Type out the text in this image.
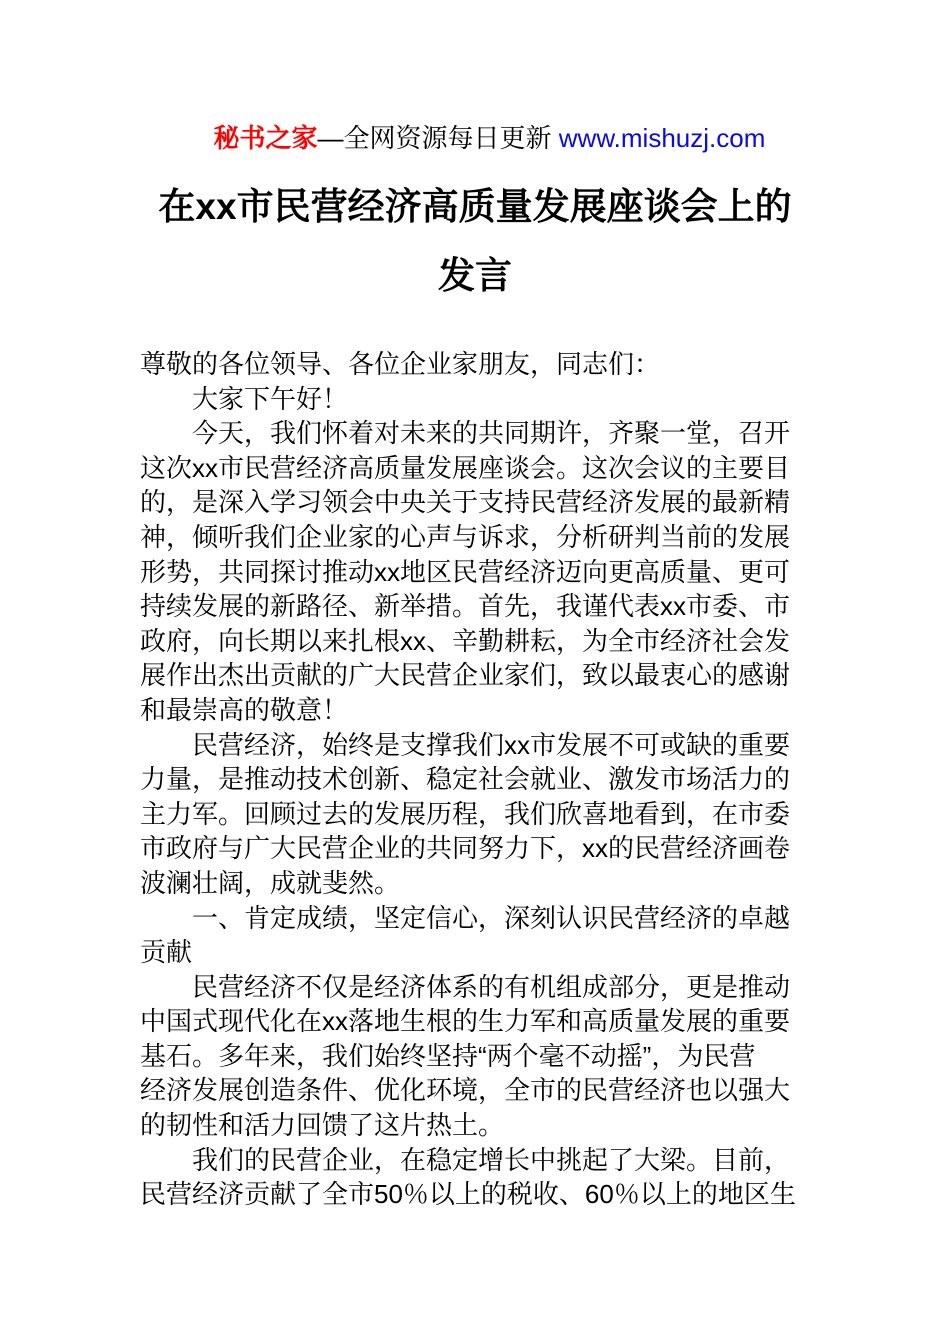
秘书之家—全网资源每日更新 www.mishuzj.com

在xx市民营经济高质量发展座谈会上的
发言
尊敬的各位领导、各位企业家朋友，同志们：
　　大家下午好！
　　今天，我们怀着对未来的共同期许，齐聚一堂，召开
这次xx市民营经济高质量发展座谈会。这次会议的主要目
的，是深入学习领会中央关于支持民营经济发展的最新精
神，倾听我们企业家的心声与诉求，分析研判当前的发展
形势，共同探讨推动xx地区民营经济迈向更高质量、更可
持续发展的新路径、新举措。首先，我谨代表xx市委、市
政府，向长期以来扎根xx、辛勤耕耘，为全市经济社会发
展作出杰出贡献的广大民营企业家们，致以最衷心的感谢
和最崇高的敬意！
　　民营经济，始终是支撑我们xx市发展不可或缺的重要
力量，是推动技术创新、稳定社会就业、激发市场活力的
主力军。回顾过去的发展历程，我们欣喜地看到，在市委
市政府与广大民营企业的共同努力下，xx的民营经济画卷
波澜壮阔，成就斐然。
　　一、肯定成绩，坚定信心，深刻认识民营经济的卓越
贡献
　　民营经济不仅是经济体系的有机组成部分，更是推动
中国式现代化在xx落地生根的生力军和高质量发展的重要
基石。多年来，我们始终坚持“两个毫不动摇”，为民营
经济发展创造条件、优化环境，全市的民营经济也以强大
的韧性和活力回馈了这片热土。
　　我们的民营企业，在稳定增长中挑起了大梁。目前，
民营经济贡献了全市50％以上的税收、60％以上的地区生
